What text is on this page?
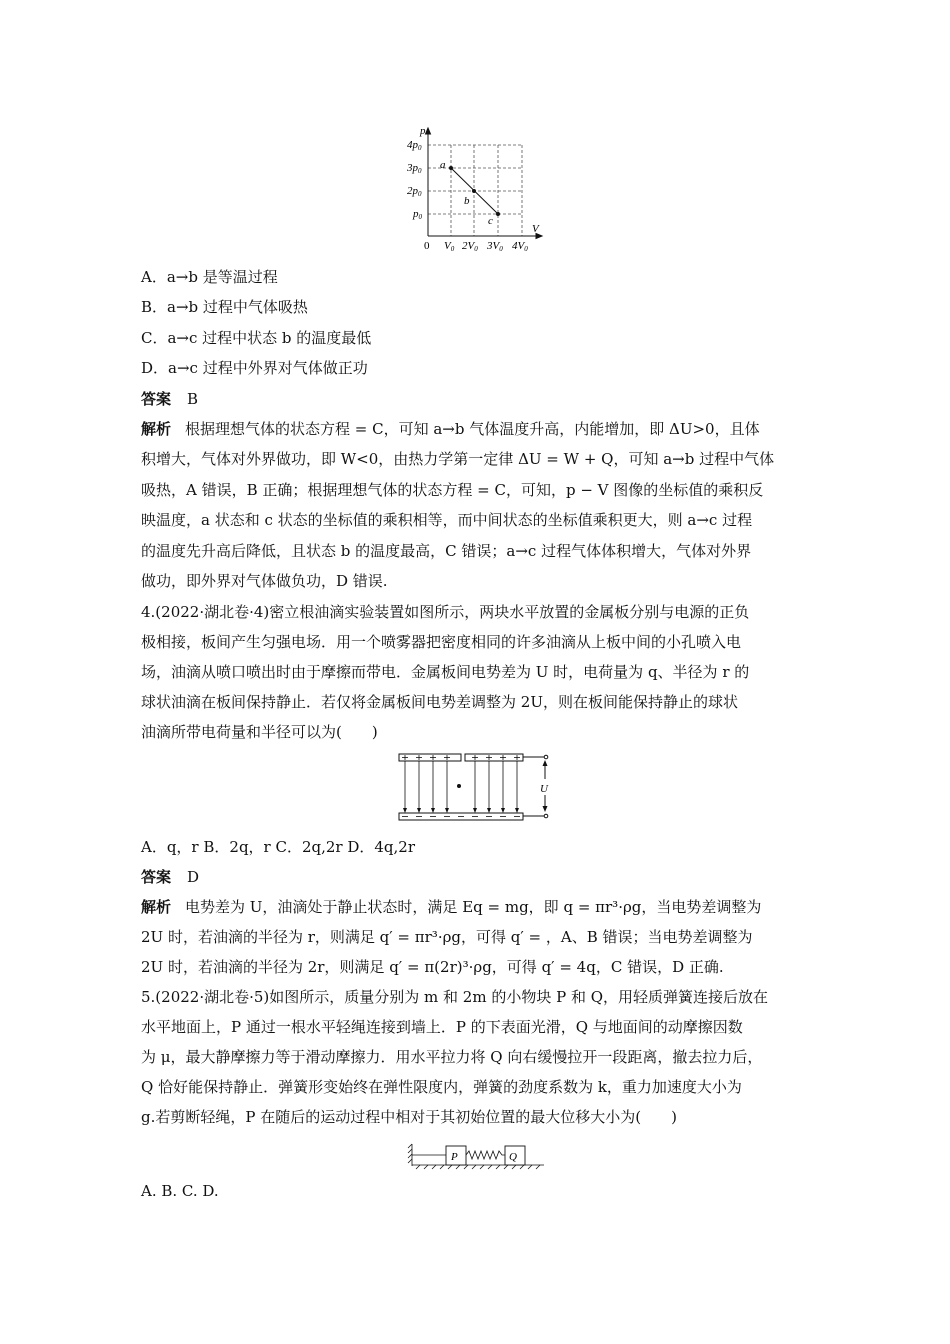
p
V
0
a
b
c
4p0
3p0
2p0
p0
V0 2V0 3V0 4V0
A．a→b 是等温过程
B．a→b 过程中气体吸热
C．a→c 过程中状态 b 的温度最低
D．a→c 过程中外界对气体做正功
答案 B
解析 根据理想气体的状态方程 = C，可知 a→b 气体温度升高，内能增加，即 ΔU>0，且体
积增大，气体对外界做功，即 W<0，由热力学第一定律 ΔU = W + Q，可知 a→b 过程中气体
吸热，A 错误，B 正确；根据理想气体的状态方程 = C，可知，p − V 图像的坐标值的乘积反
映温度，a 状态和 c 状态的坐标值的乘积相等，而中间状态的坐标值乘积更大，则 a→c 过程
的温度先升高后降低，且状态 b 的温度最高，C 错误；a→c 过程气体体积增大，气体对外界
做功，即外界对气体做负功，D 错误.
4.(2022·湖北卷·4)密立根油滴实验装置如图所示，两块水平放置的金属板分别与电源的正负
极相接，板间产生匀强电场．用一个喷雾器把密度相同的许多油滴从上板中间的小孔喷入电
场，油滴从喷口喷出时由于摩擦而带电．金属板间电势差为 U 时，电荷量为 q、半径为 r 的
球状油滴在板间保持静止．若仅将金属板间电势差调整为 2U，则在板间能保持静止的球状
油滴所带电荷量和半径可以为(　　)
U
A．q，r B．2q，r C．2q,2r D．4q,2r
答案 D
解析 电势差为 U，油滴处于静止状态时，满足 Eq = mg，即 q = πr³·ρg，当电势差调整为
2U 时，若油滴的半径为 r，则满足 q′ = πr³·ρg，可得 q′ = ，A、B 错误；当电势差调整为
2U 时，若油滴的半径为 2r，则满足 q′ = π(2r)³·ρg，可得 q′ = 4q，C 错误，D 正确.
5.(2022·湖北卷·5)如图所示，质量分别为 m 和 2m 的小物块 P 和 Q，用轻质弹簧连接后放在
水平地面上，P 通过一根水平轻绳连接到墙上．P 的下表面光滑，Q 与地面间的动摩擦因数
为 μ，最大静摩擦力等于滑动摩擦力．用水平拉力将 Q 向右缓慢拉开一段距离，撤去拉力后，
Q 恰好能保持静止．弹簧形变始终在弹性限度内，弹簧的劲度系数为 k，重力加速度大小为
g.若剪断轻绳，P 在随后的运动过程中相对于其初始位置的最大位移大小为(　　)
P	Q
A. B. C. D.
